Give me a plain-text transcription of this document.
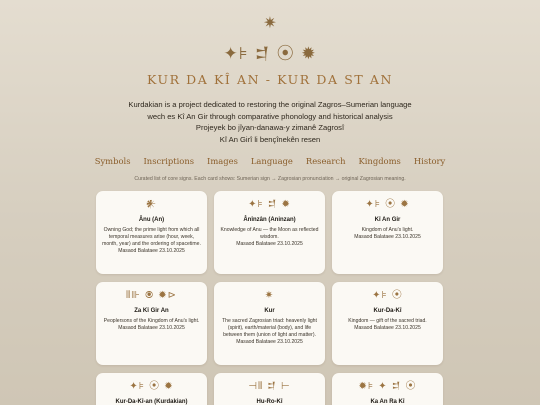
✷
✦⊧ 𒄑 ⦿ ✹
KUR DA KÎ AN - KUR DA ST AN
Kurdakian is a project dedicated to restoring the original Zagros–Sumerian language
wech es Kî An Gir through comparative phonology and historical analysis
Projeyek bo jîyan-danawa-y zimanê Zagrosî
Kî An Girî li bençînekên resen
Symbols Inscriptions Images Language Research Kingdoms History
Curated list of core signs. Each card shows: Sumerian sign → Zagrosian pronunciation → original Zagrosian meaning.
𒀭
Ânu (An)
Owning God; the prime light from which all temporal measures arise (hour, week, month, year) and the ordering of spacetime.
Masaod Balataee 23.10.2025
✦⊧ 𒄑 ✹
Ânînzân (Aninzan)
Knowledge of Anu — the Moon as reflected wisdom.
Masaod Balataee 23.10.2025
✦⊧ ⦿ ✹
Kî An Gir
Kingdom of Anu's light.
Masaod Balataee 23.10.2025
⫴⊪ ⦿ ✹⊳
Za Kî Gir An
Peoplersons of the Kingdom of Anu's light.
Masaod Balataee 23.10.2025
✷
Kur
The sacred Zagrosian triad: heavenly light (spirit), earth/material (body), and life between them (union of light and matter).
Masaod Balataee 23.10.2025
✦⊧ ⦿
Kur-Da-Kî
Kingdom — gift of the sacred triad.
Masaod Balataee 23.10.2025
✦⊧ ⦿ ✹
Kur-Da-Kî-an (Kurdakian)
⊣⫴ 𒄑 ⊢
Hu-Ro-Kî
✹⊧ ✦ 𒄑 ⦿
Ka An Ra Kî
